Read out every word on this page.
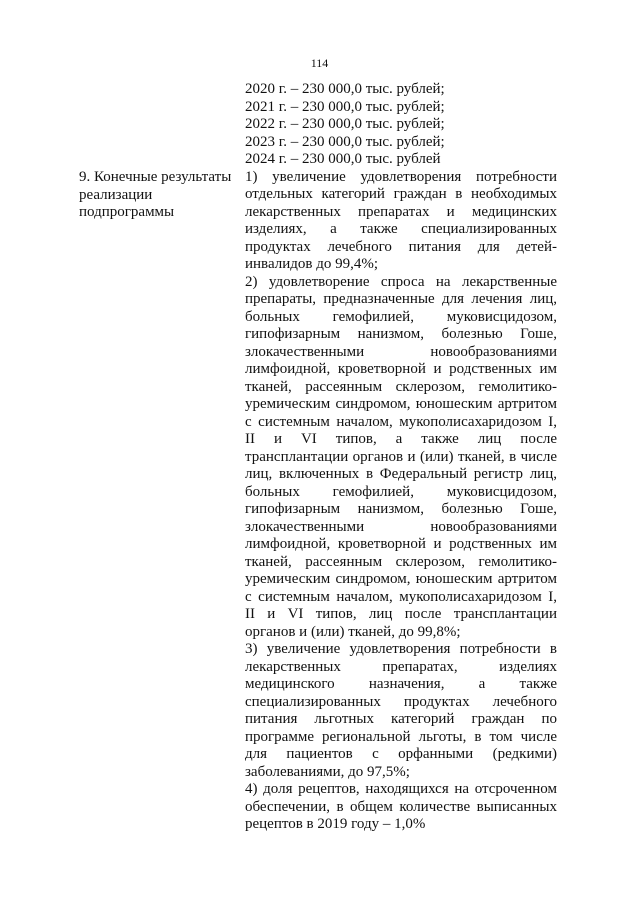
114
9. Конечные результаты
реализации
подпрограммы
2020 г. – 230 000,0 тыс. рублей;
2021 г. – 230 000,0 тыс. рублей;
2022 г. – 230 000,0 тыс. рублей;
2023 г. – 230 000,0 тыс. рублей;
2024 г. – 230 000,0 тыс. рублей
1) увеличение удовлетворения потребности отдельных категорий граждан в необходимых лекарственных препаратах и медицинских изделиях, а также специализированных продуктах лечебного питания для детей-инвалидов до 99,4%;
2) удовлетворение спроса на лекарственные препараты, предназначенные для лечения лиц, больных гемофилией, муковисцидозом, гипофизарным нанизмом, болезнью Гоше, злокачественными новообразованиями лимфоидной, кроветворной и родственных им тканей, рассеянным склерозом, гемолитико-уремическим синдромом, юношеским артритом с системным началом, мукополисахаридозом I, II и VI типов, а также лиц после трансплантации органов и (или) тканей, в числе лиц, включенных в Федеральный регистр лиц, больных гемофилией, муковисцидозом, гипофизарным нанизмом, болезнью Гоше, злокачественными новообразованиями лимфоидной, кроветворной и родственных им тканей, рассеянным склерозом, гемолитико-уремическим синдромом, юношеским артритом с системным началом, мукополисахаридозом I, II и VI типов, лиц после трансплантации органов и (или) тканей, до 99,8%;
3) увеличение удовлетворения потребности в лекарственных препаратах, изделиях медицинского назначения, а также специализированных продуктах лечебного питания льготных категорий граждан по программе региональной льготы, в том числе для пациентов с орфанными (редкими) заболеваниями, до 97,5%;
4) доля рецептов, находящихся на отсроченном обеспечении, в общем количестве выписанных рецептов в 2019 году – 1,0%
